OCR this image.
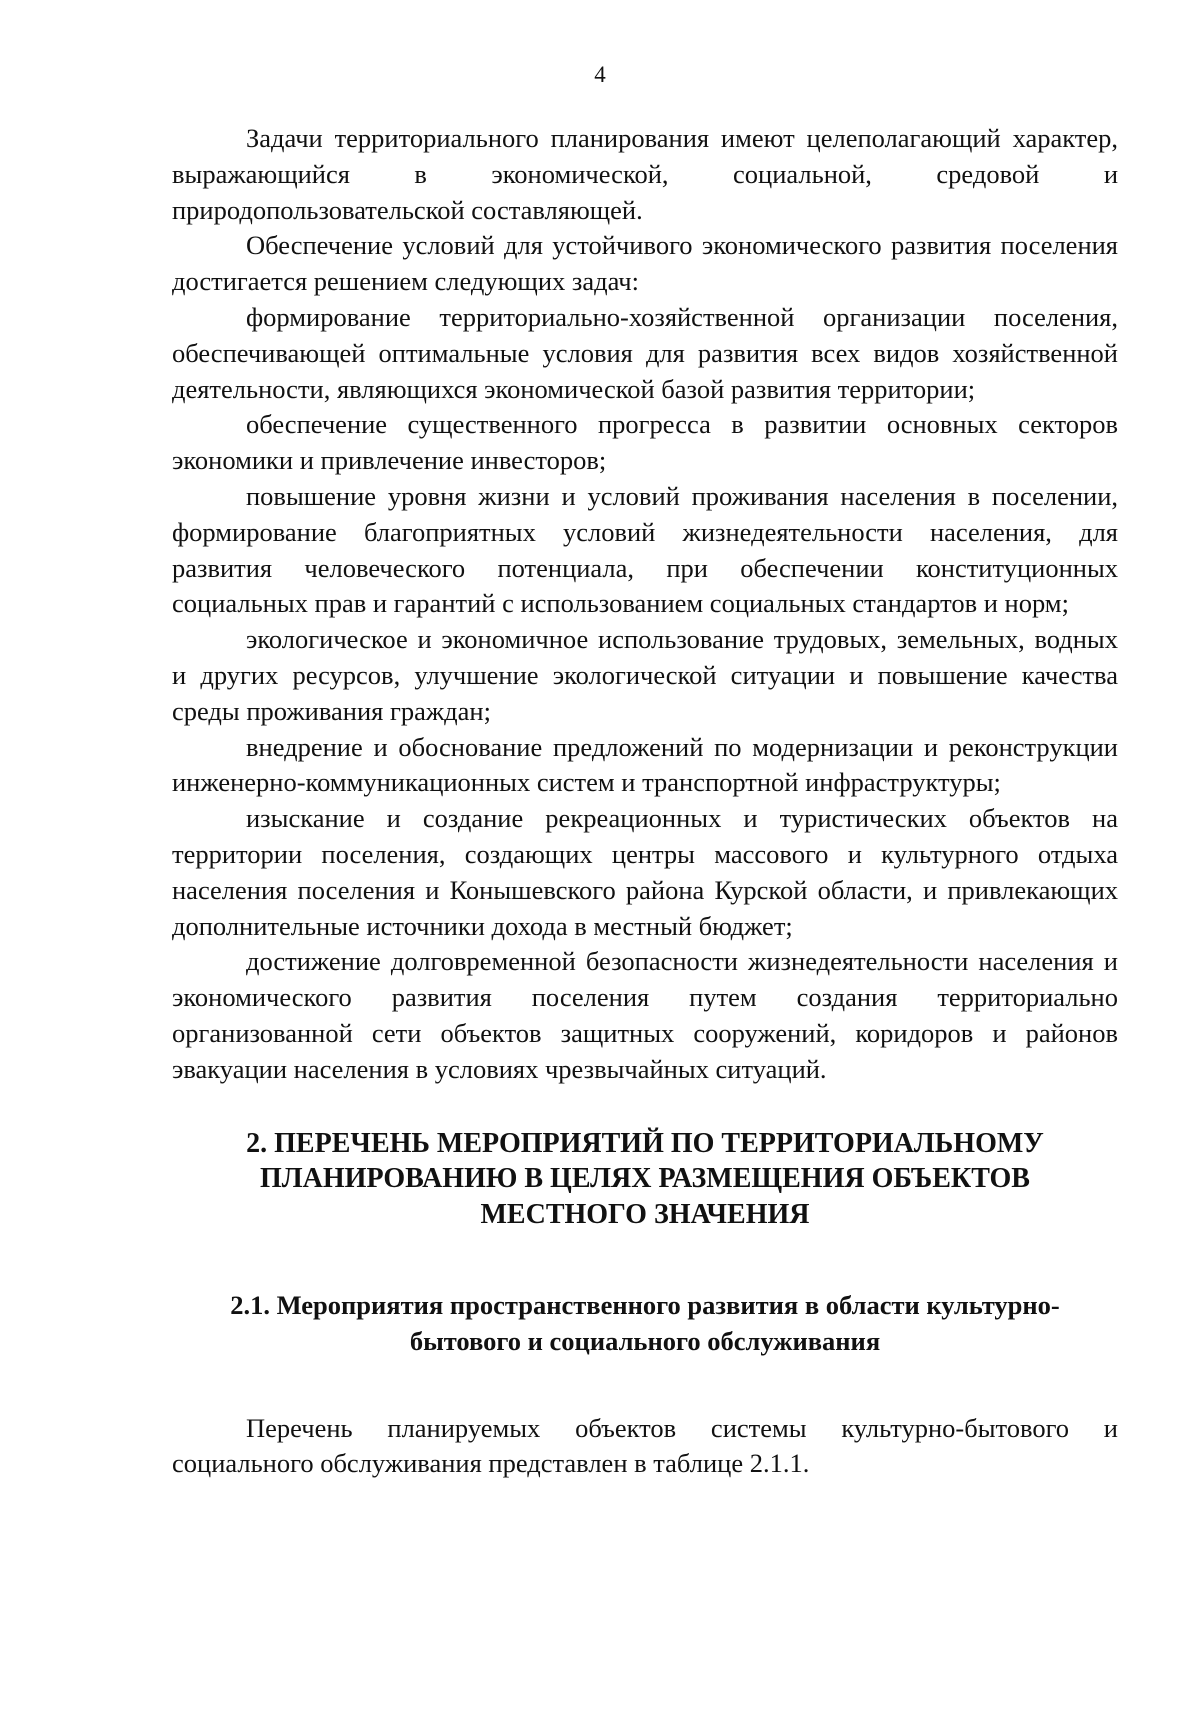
4

Задачи территориального планирования имеют целеполагающий характер, выражающийся в экономической, социальной, средовой и природопользовательской составляющей.

Обеспечение условий для устойчивого экономического развития поселения достигается решением следующих задач:

формирование территориально-хозяйственной организации поселения, обеспечивающей оптимальные условия для развития всех видов хозяйственной деятельности, являющихся экономической базой развития территории;

обеспечение существенного прогресса в развитии основных секторов экономики и привлечение инвесторов;

повышение уровня жизни и условий проживания населения в поселении, формирование благоприятных условий жизнедеятельности населения, для развития человеческого потенциала, при обеспечении конституционных социальных прав и гарантий с использованием социальных стандартов и норм;

экологическое и экономичное использование трудовых, земельных, водных и других ресурсов, улучшение экологической ситуации и повышение качества среды проживания граждан;

внедрение и обоснование предложений по модернизации и реконструкции инженерно-коммуникационных систем и транспортной инфраструктуры;

изыскание и создание рекреационных и туристических объектов на территории поселения, создающих центры массового и культурного отдыха населения поселения и Конышевского района Курской области, и привлекающих дополнительные источники дохода в местный бюджет;

достижение долговременной безопасности жизнедеятельности населения и экономического развития поселения путем создания территориально организованной сети объектов защитных сооружений, коридоров и районов эвакуации населения в условиях чрезвычайных ситуаций.

2. ПЕРЕЧЕНЬ МЕРОПРИЯТИЙ ПО ТЕРРИТОРИАЛЬНОМУ ПЛАНИРОВАНИЮ В ЦЕЛЯХ РАЗМЕЩЕНИЯ ОБЪЕКТОВ МЕСТНОГО ЗНАЧЕНИЯ
2.1. Мероприятия пространственного развития в области культурно-бытового и социального обслуживания

Перечень планируемых объектов системы культурно-бытового и социального обслуживания представлен в таблице 2.1.1.
